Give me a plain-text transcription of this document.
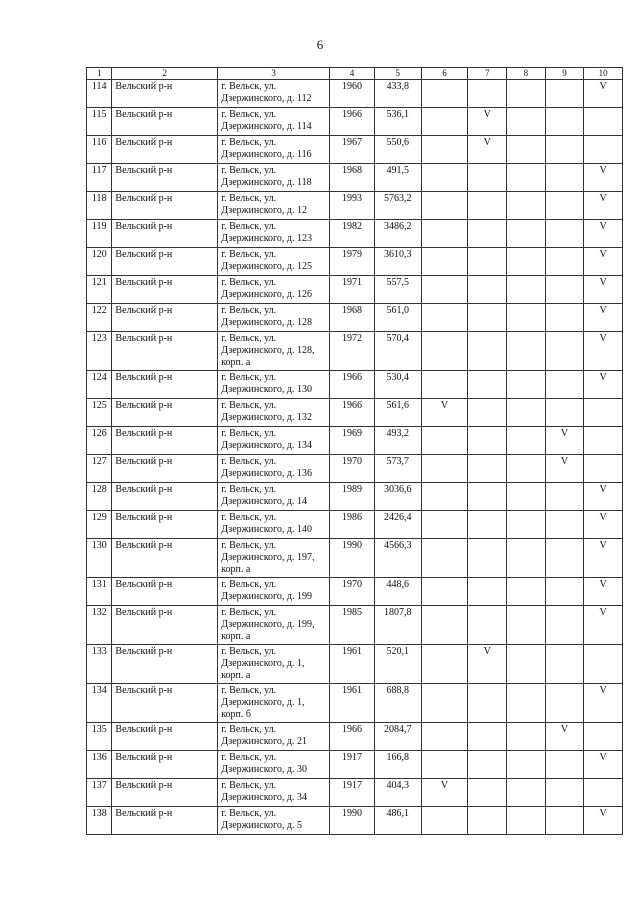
6
1	2	3	4	5	6	7	8	9	10
114	Вельский р-н	г. Вельск, ул.
Дзержинского, д. 112	1960	433,8					V
115	Вельский р-н	г. Вельск, ул.
Дзержинского, д. 114	1966	536,1		V			
116	Вельский р-н	г. Вельск, ул.
Дзержинского, д. 116	1967	550,6		V			
117	Вельский р-н	г. Вельск, ул.
Дзержинского, д. 118	1968	491,5					V
118	Вельский р-н	г. Вельск, ул.
Дзержинского, д. 12	1993	5763,2					V
119	Вельский р-н	г. Вельск, ул.
Дзержинского, д. 123	1982	3486,2					V
120	Вельский р-н	г. Вельск, ул.
Дзержинского, д. 125	1979	3610,3					V
121	Вельский р-н	г. Вельск, ул.
Дзержинского, д. 126	1971	557,5					V
122	Вельский р-н	г. Вельск, ул.
Дзержинского, д. 128	1968	561,0					V
123	Вельский р-н	г. Вельск, ул.
Дзержинского, д. 128,
корп. а	1972	570,4					V
124	Вельский р-н	г. Вельск, ул.
Дзержинского, д. 130	1966	530,4					V
125	Вельский р-н	г. Вельск, ул.
Дзержинского, д. 132	1966	561,6	V				
126	Вельский р-н	г. Вельск, ул.
Дзержинского, д. 134	1969	493,2				V	
127	Вельский р-н	г. Вельск, ул.
Дзержинского, д. 136	1970	573,7				V	
128	Вельский р-н	г. Вельск, ул.
Дзержинского, д. 14	1989	3036,6					V
129	Вельский р-н	г. Вельск, ул.
Дзержинского, д. 140	1986	2426,4					V
130	Вельский р-н	г. Вельск, ул.
Дзержинского, д. 197,
корп. а	1990	4566,3					V
131	Вельский р-н	г. Вельск, ул.
Дзержинского, д. 199	1970	448,6					V
132	Вельский р-н	г. Вельск, ул.
Дзержинского, д. 199,
корп. а	1985	1807,8					V
133	Вельский р-н	г. Вельск, ул.
Дзержинского, д. 1,
корп. а	1961	520,1		V			
134	Вельский р-н	г. Вельск, ул.
Дзержинского, д. 1,
корп. б	1961	688,8					V
135	Вельский р-н	г. Вельск, ул.
Дзержинского, д. 21	1966	2084,7				V	
136	Вельский р-н	г. Вельск, ул.
Дзержинского, д. 30	1917	166,8					V
137	Вельский р-н	г. Вельск, ул.
Дзержинского, д. 34	1917	404,3	V				
138	Вельский р-н	г. Вельск, ул.
Дзержинского, д. 5	1990	486,1					V
